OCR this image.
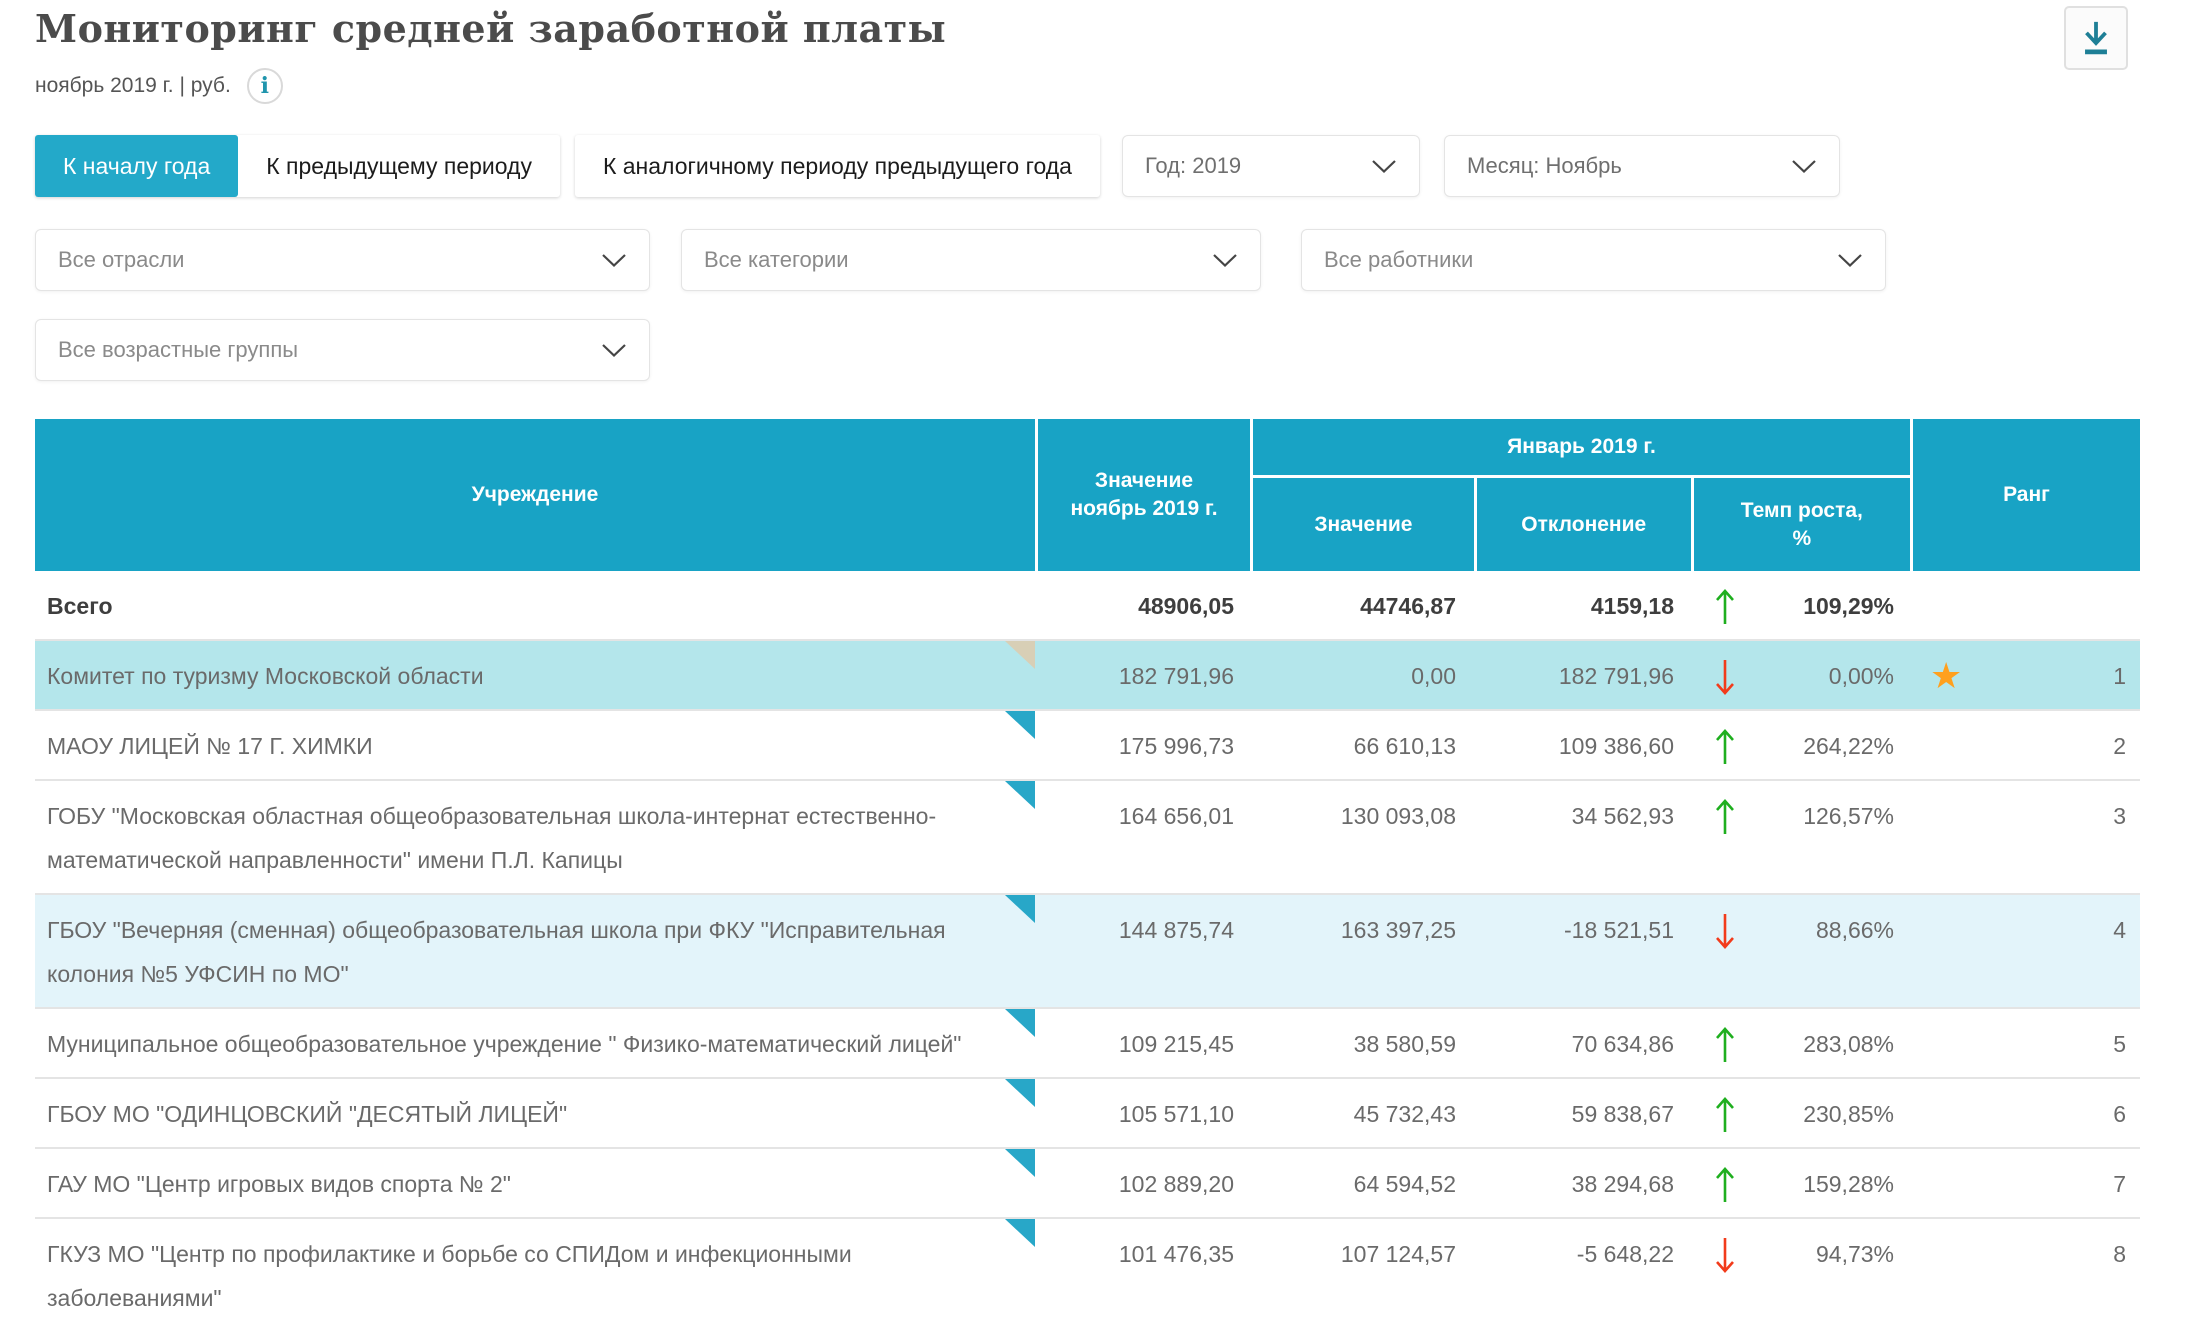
Мониторинг средней заработной платы
ноябрь 2019 г. | руб.	i
К началу года	К предыдущему периоду	К аналогичному периоду предыдущего года	Год: 2019	Месяц: Ноябрь
Все отрасли	Все категории	Все работники
Все возрастные группы
Учреждение
Значение ноябрь 2019 г.
Январь 2019 г.
Значение	Отклонение
Темп роста, %
Ранг
Всего	48906,05	44746,87	4159,18	109,29%
Комитет по туризму Московской области	182 791,96	0,00	182 791,96	0,00% ★	1
МАОУ ЛИЦЕЙ № 17 Г. ХИМКИ	175 996,73	66 610,13	109 386,60	264,22%	2
ГОБУ "Московская областная общеобразовательная школа-интернат естественно-математической направленности" имени П.Л. Капицы
164 656,01	130 093,08	34 562,93	126,57%	3
ГБОУ "Вечерняя (сменная) общеобразовательная школа при ФКУ "Исправительная колония №5 УФСИН по МО"
144 875,74	163 397,25	-18 521,51	88,66%	4
Муниципальное общеобразовательное учреждение " Физико-математический лицей"	109 215,45	38 580,59	70 634,86	283,08%	5
ГБОУ МО "ОДИНЦОВСКИЙ "ДЕСЯТЫЙ ЛИЦЕЙ"	105 571,10	45 732,43	59 838,67	230,85%	6
ГАУ МО "Центр игровых видов спорта № 2"	102 889,20	64 594,52	38 294,68	159,28%	7
ГКУЗ МО "Центр по профилактике и борьбе со СПИДом и инфекционными заболеваниями"
101 476,35	107 124,57	-5 648,22	94,73%	8
